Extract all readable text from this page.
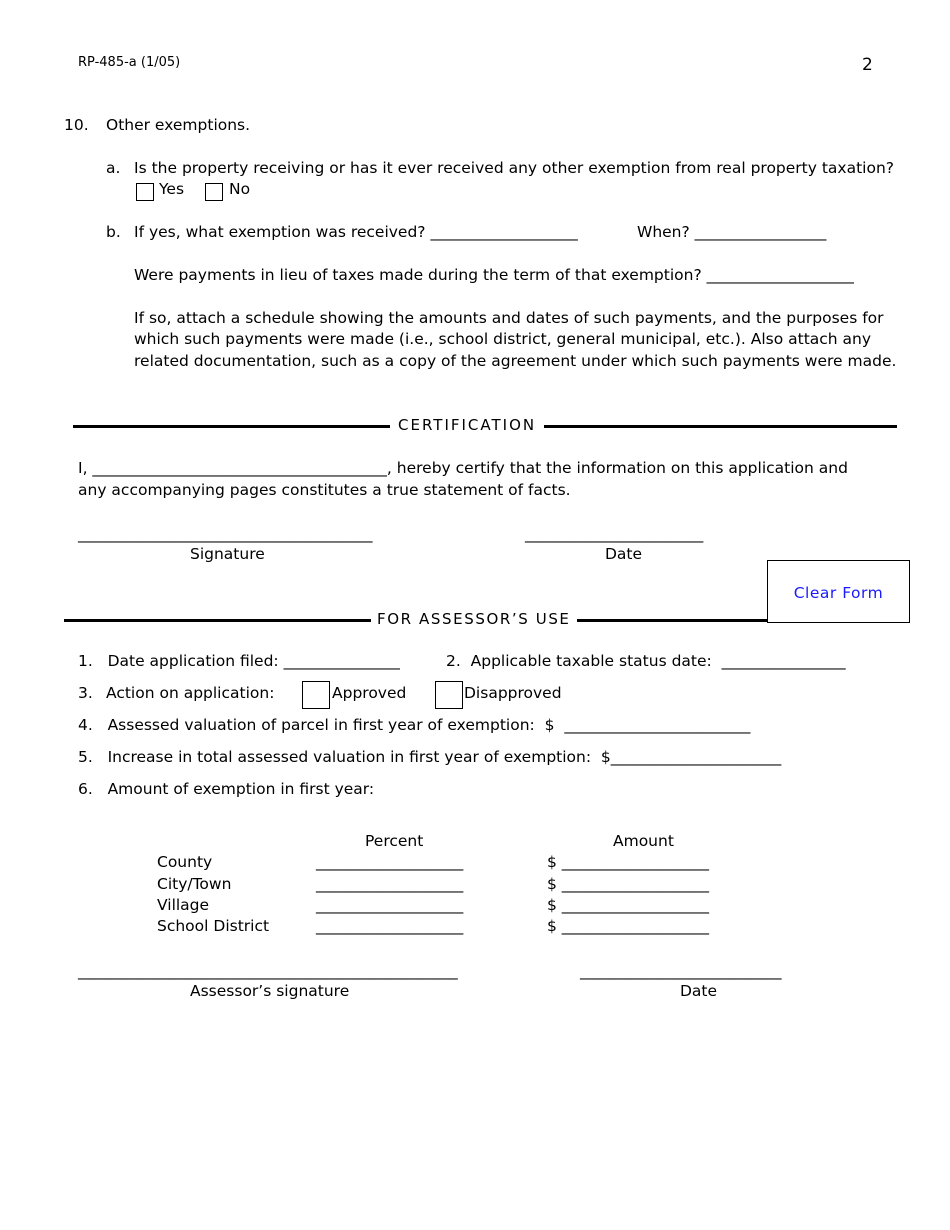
RP-485-a (1/05)	2
10. Other exemptions.
a. Is the property receiving or has it ever received any other exemption from real property taxation?
Yes	No
b. If yes, what exemption was received? ___________________	When? _________________
Were payments in lieu of taxes made during the term of that exemption? ___________________
If so, attach a schedule showing the amounts and dates of such payments, and the purposes for
which such payments were made (i.e., school district, general municipal, etc.). Also attach any
related documentation, such as a copy of the agreement under which such payments were made.
CERTIFICATION
I, ______________________________________, hereby certify that the information on this application and
any accompanying pages constitutes a true statement of facts.
______________________________________
Signature
_______________________
Date
FOR ASSESSOR’S USE
Clear Form
1.   Date application filed: _______________	2.  Applicable taxable status date:  ________________
3. Action on application:	Approved	Disapproved
4.   Assessed valuation of parcel in first year of exemption:  $  ________________________
5.   Increase in total assessed valuation in first year of exemption:  $______________________
6.   Amount of exemption in first year:
Percent	Amount
County	___________________	$ ___________________
City/Town	___________________	$ ___________________
Village	___________________	$ ___________________
School District	___________________	$ ___________________
_________________________________________________
Assessor’s signature
__________________________
Date
